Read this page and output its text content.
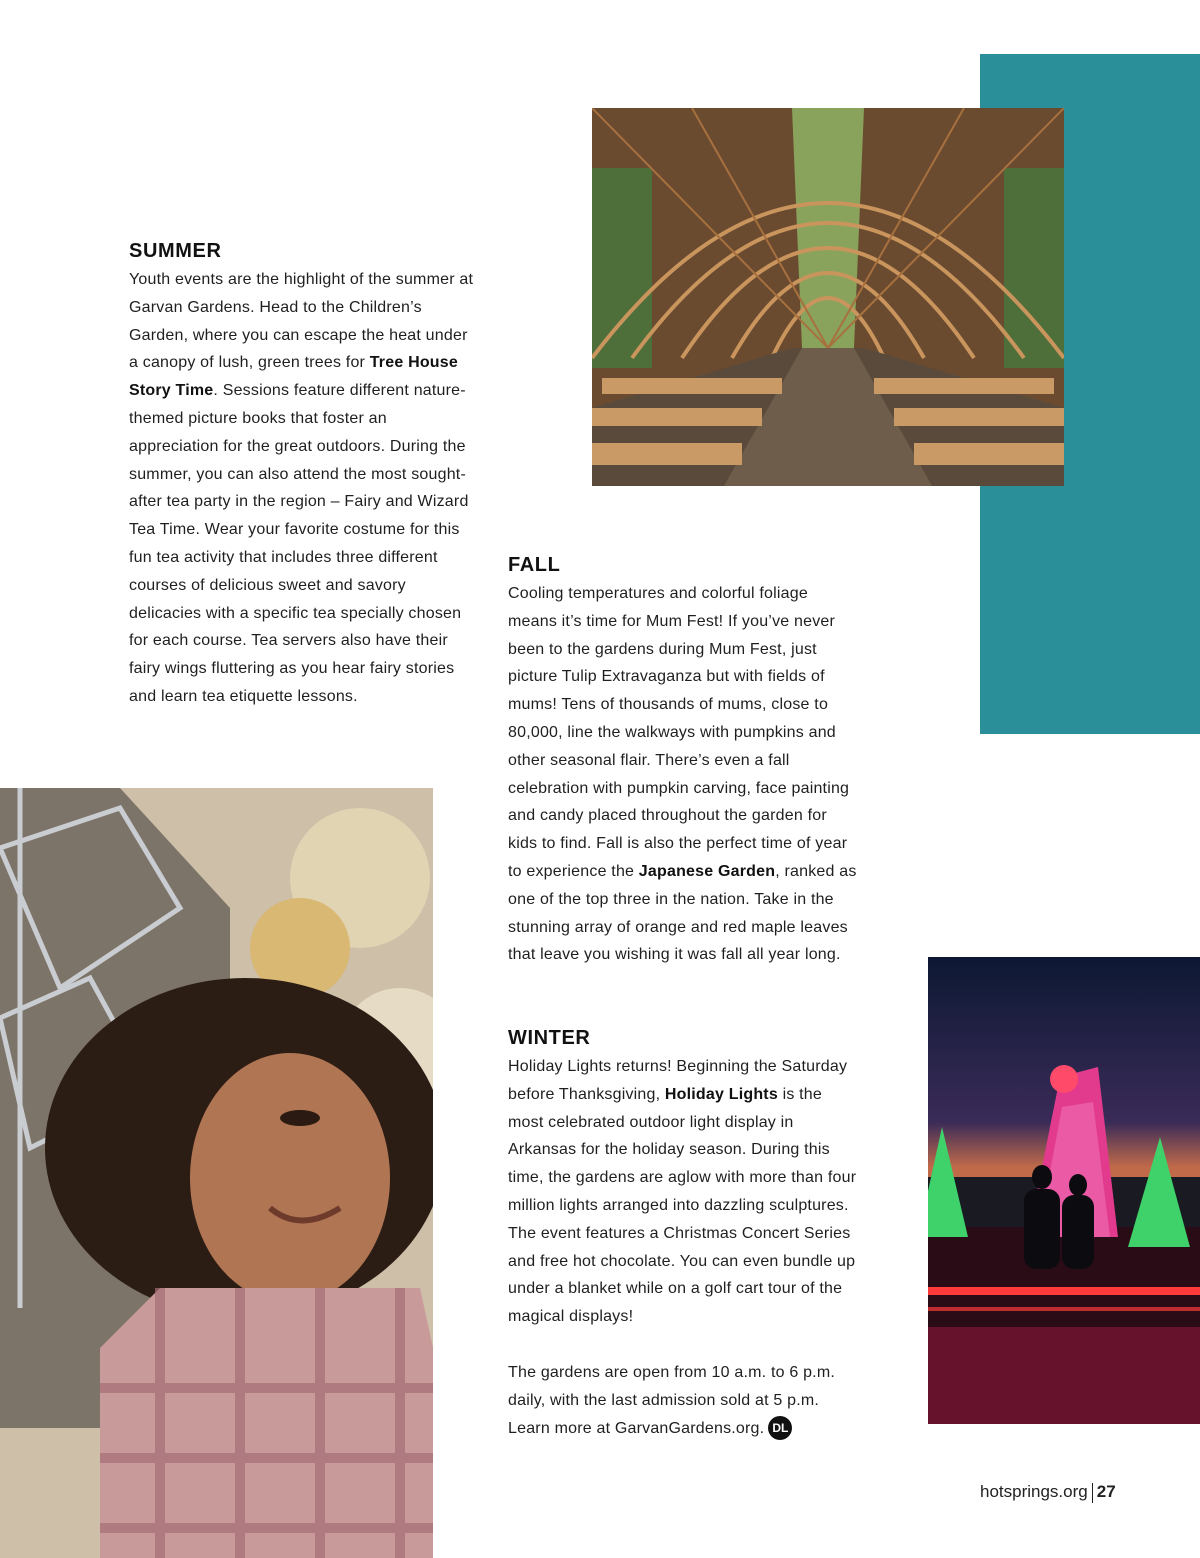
SUMMER

Youth events are the highlight of the summer at Garvan Gardens. Head to the Children’s Garden, where you can escape the heat under a canopy of lush, green trees for Tree House Story Time. Sessions feature different nature-themed picture books that foster an appreciation for the great outdoors. During the summer, you can also attend the most sought-after tea party in the region – Fairy and Wizard Tea Time. Wear your favorite costume for this fun tea activity that includes three different courses of delicious sweet and savory delicacies with a specific tea specially chosen for each course. Tea servers also have their fairy wings fluttering as you hear fairy stories and learn tea etiquette lessons.

FALL

Cooling temperatures and colorful foliage means it’s time for Mum Fest! If you’ve never been to the gardens during Mum Fest, just picture Tulip Extravaganza but with fields of mums! Tens of thousands of mums, close to 80,000, line the walkways with pumpkins and other seasonal flair. There’s even a fall celebration with pumpkin carving, face painting and candy placed throughout the garden for kids to find. Fall is also the perfect time of year to experience the Japanese Garden, ranked as one of the top three in the nation. Take in the stunning array of orange and red maple leaves that leave you wishing it was fall all year long.

WINTER

Holiday Lights returns! Beginning the Saturday before Thanksgiving, Holiday Lights is the most celebrated outdoor light display in Arkansas for the holiday season. During this time, the gardens are aglow with more than four million lights arranged into dazzling sculptures. The event features a Christmas Concert Series and free hot chocolate. You can even bundle up under a blanket while on a golf cart tour of the magical displays!

The gardens are open from 10 a.m. to 6 p.m. daily, with the last admission sold at 5 p.m. Learn more at GarvanGardens.org. DL

hotsprings.org 27
